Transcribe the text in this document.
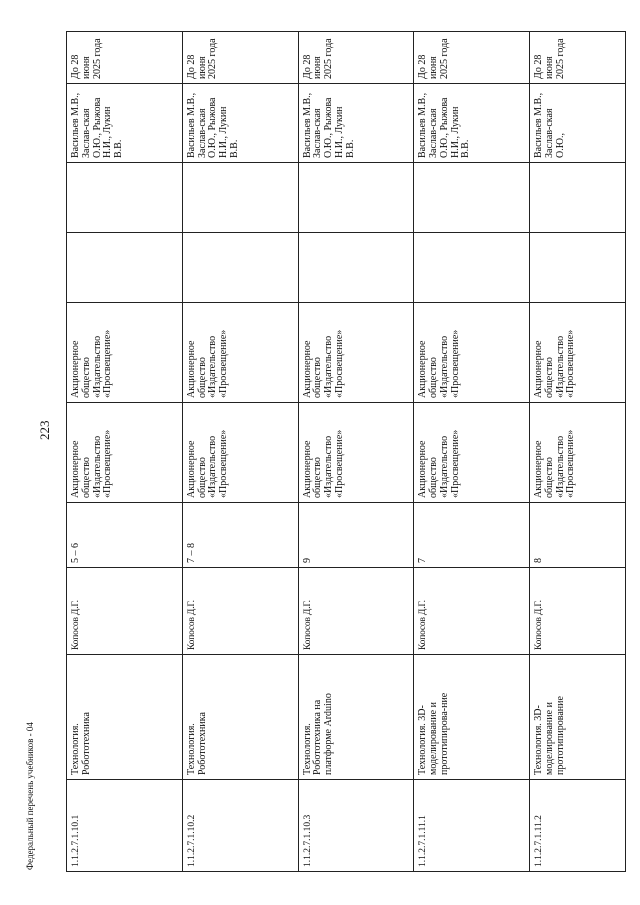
223
1.1.2.7.1.10.1	Технология. Робототехника	Копосов Д.Г.	5 – 6	Акционерное общество «Издательство «Просвещение»	Акционерное общество «Издательство «Просвещение»			Васильев М.В., Заслав-ская О.Ю., Рыжова Н.И., Лукин В.В.	До 28 июня 2025 года
1.1.2.7.1.10.2	Технология. Робототехника	Копосов Д.Г.	7 – 8	Акционерное общество «Издательство «Просвещение»	Акционерное общество «Издательство «Просвещение»			Васильев М.В., Заслав-ская О.Ю., Рыжова Н.И., Лукин В.В.	До 28 июня 2025 года
1.1.2.7.1.10.3	Технология. Робототехника на платформе Arduino	Копосов Д.Г.	9	Акционерное общество «Издательство «Просвещение»	Акционерное общество «Издательство «Просвещение»			Васильев М.В., Заслав-ская О.Ю., Рыжова Н.И., Лукин В.В.	До 28 июня 2025 года
1.1.2.7.1.11.1	Технология. 3D-моделирование и прототипирова-ние	Копосов Д.Г.	7	Акционерное общество «Издательство «Просвещение»	Акционерное общество «Издательство «Просвещение»			Васильев М.В., Заслав-ская О.Ю., Рыжова Н.И., Лукин В.В.	До 28 июня 2025 года
1.1.2.7.1.11.2	Технология. 3D-моделирование и прототипирование	Копосов Д.Г.	8	Акционерное общество «Издательство «Просвещение»	Акционерное общество «Издательство «Просвещение»			Васильев М.В., Заслав-ская О.Ю.,	До 28 июня 2025 года
Федеральный перечень учебников - 04
